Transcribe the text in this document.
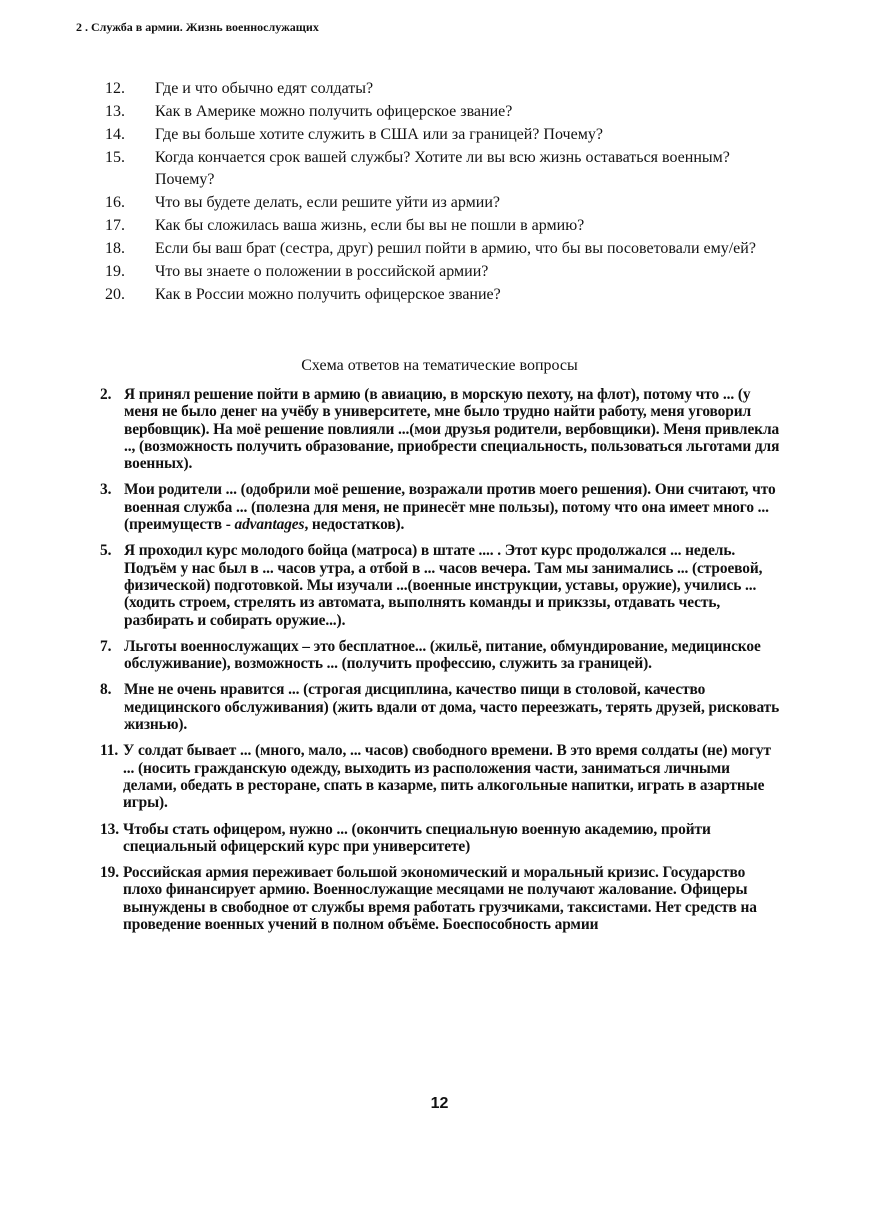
2 . Служба в армии. Жизнь военнослужащих
12.	Где и что обычно едят солдаты?
13.	Как в Америке можно получить офицерское звание?
14.	Где вы больше хотите служить в США или за границей? Почему?
15.	Когда кончается срок вашей службы? Хотите ли вы всю жизнь оставаться военным? Почему?
16.	Что вы будете делать, если решите уйти из армии?
17.	Как бы сложилась ваша жизнь, если бы вы не пошли в армию?
18.	Если бы ваш брат (сестра, друг) решил пойти в армию, что бы вы посоветовали ему/ей?
19.	Что вы знаете о положении в российской армии?
20.	Как в России можно получить офицерское звание?
Схема ответов на тематические вопросы
2. Я принял решение пойти в армию (в авиацию, в морскую пехоту, на флот), потому что ... (у меня не было денег на учёбу в университете, мне было трудно найти работу, меня уговорил вербовщик). На моё решение повлияли ...(мои друзья родители, вербовщики). Меня привлекла .., (возможность получить образование, приобрести специальность, пользоваться льготами для военных).
3. Мои родители ... (одобрили моё решение, возражали против моего решения). Они считают, что военная служба ... (полезна для меня, не принесёт мне пользы), потому что она имеет много ... (преимуществ - advantages, недостатков).
5. Я проходил курс молодого бойца (матроса) в штате .... . Этот курс продолжался ... недель. Подъём у нас был в ... часов утра, а отбой в ... часов вечера. Там мы занимались ... (строевой, физической) подготовкой. Мы изучали ...(военные инструкции, уставы, оружие), учились ... (ходить строем, стрелять из автомата, выполнять команды и прикззы, отдавать честь, разбирать и собирать оружие...).
7. Льготы военнослужащих – это бесплатное... (жильё, питание, обмундирование, медицинское обслуживание), возможность ... (получить профессию, служить за границей).
8. Мне не очень нравится ... (строгая дисциплина, качество пищи в столовой, качество медицинского обслуживания) (жить вдали от дома, часто переезжать, терять друзей, рисковать жизнью).
11. У солдат бывает ... (много, мало, ... часов) свободного времени. В это время солдаты (не) могут ... (носить гражданскую одежду, выходить из расположения части, заниматься личными делами, обедать в ресторане, спать в казарме, пить алкогольные напитки, играть в азартные игры).
13. Чтобы стать офицером, нужно ... (окончить специальную военную академию, пройти специальный офицерский курс при университете)
19. Российская армия переживает большой экономический и моральный кризис. Государство плохо финансирует армию. Военнослужащие месяцами не получают жалование. Офицеры вынуждены в свободное от службы время работать грузчиками, таксистами. Нет средств на проведение военных учений в полном объёме. Боеспособность армии
12
